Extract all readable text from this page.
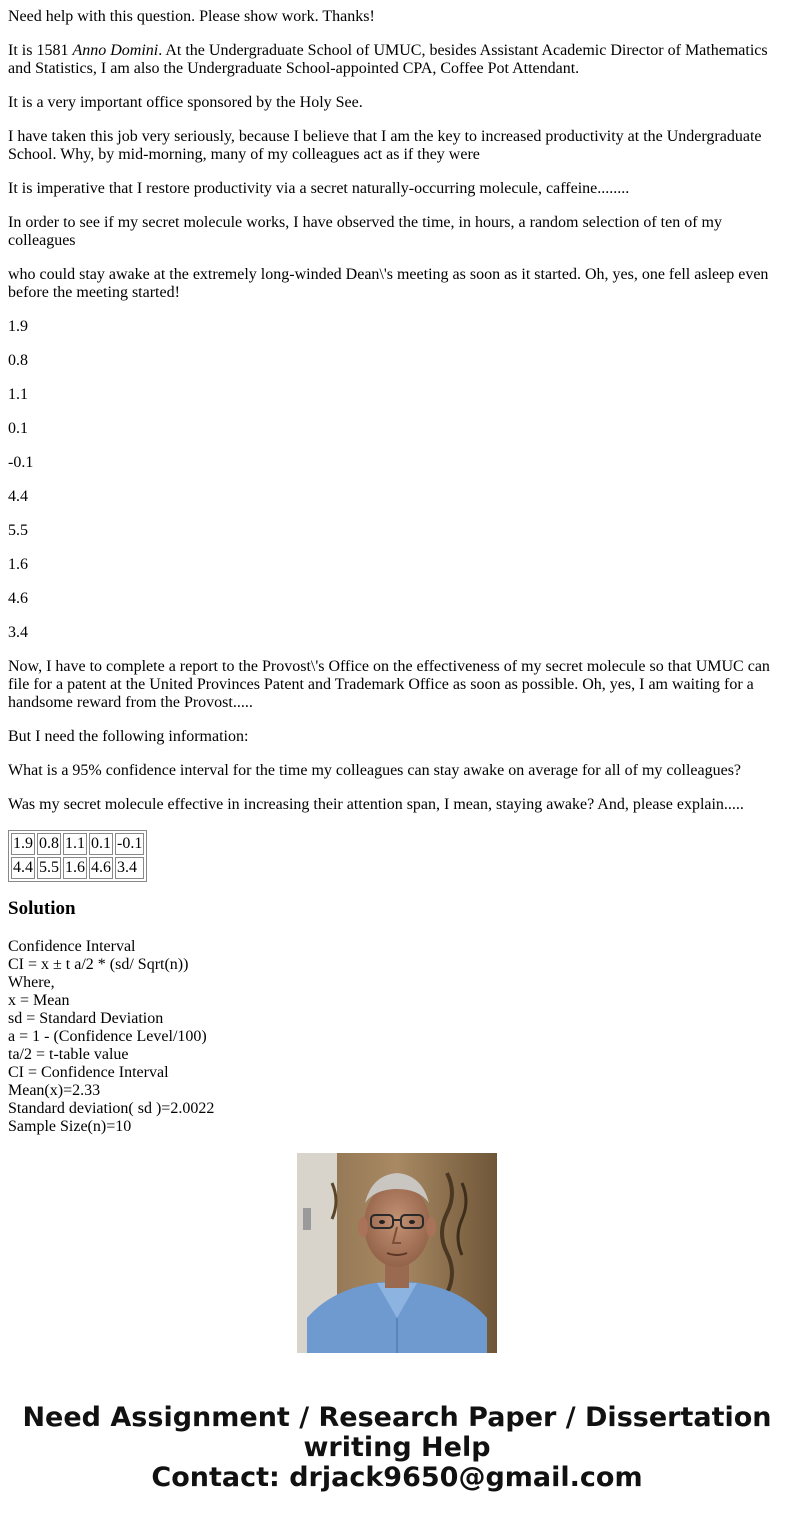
Need help with this question. Please show work. Thanks!

It is 1581 Anno Domini. At the Undergraduate School of UMUC, besides Assistant Academic Director of Mathematics and Statistics, I am also the Undergraduate School-appointed CPA, Coffee Pot Attendant.

It is a very important office sponsored by the Holy See.

I have taken this job very seriously, because I believe that I am the key to increased productivity at the Undergraduate School. Why, by mid-morning, many of my colleagues act as if they were

It is imperative that I restore productivity via a secret naturally-occurring molecule, caffeine........

In order to see if my secret molecule works, I have observed the time, in hours, a random selection of ten of my colleagues

who could stay awake at the extremely long-winded Dean\'s meeting as soon as it started. Oh, yes, one fell asleep even before the meeting started!

1.9

0.8

1.1

0.1

-0.1

4.4

5.5

1.6

4.6

3.4

Now, I have to complete a report to the Provost\'s Office on the effectiveness of my secret molecule so that UMUC can file for a patent at the United Provinces Patent and Trademark Office as soon as possible. Oh, yes, I am waiting for a handsome reward from the Provost.....

But I need the following information:

What is a 95% confidence interval for the time my colleagues can stay awake on average for all of my colleagues?

Was my secret molecule effective in increasing their attention span, I mean, staying awake? And, please explain.....

1.9	0.8	1.1	0.1	-0.1
4.4	5.5	1.6	4.6	3.4
Solution
Confidence Interval
CI = x ± t a/2 * (sd/ Sqrt(n))
Where,
x = Mean
sd = Standard Deviation
a = 1 - (Confidence Level/100)
ta/2 = t-table value
CI = Confidence Interval
Mean(x)=2.33
Standard deviation( sd )=2.0022
Sample Size(n)=10
Need Assignment / Research Paper / Dissertation
writing Help
Contact: drjack9650@gmail.com
